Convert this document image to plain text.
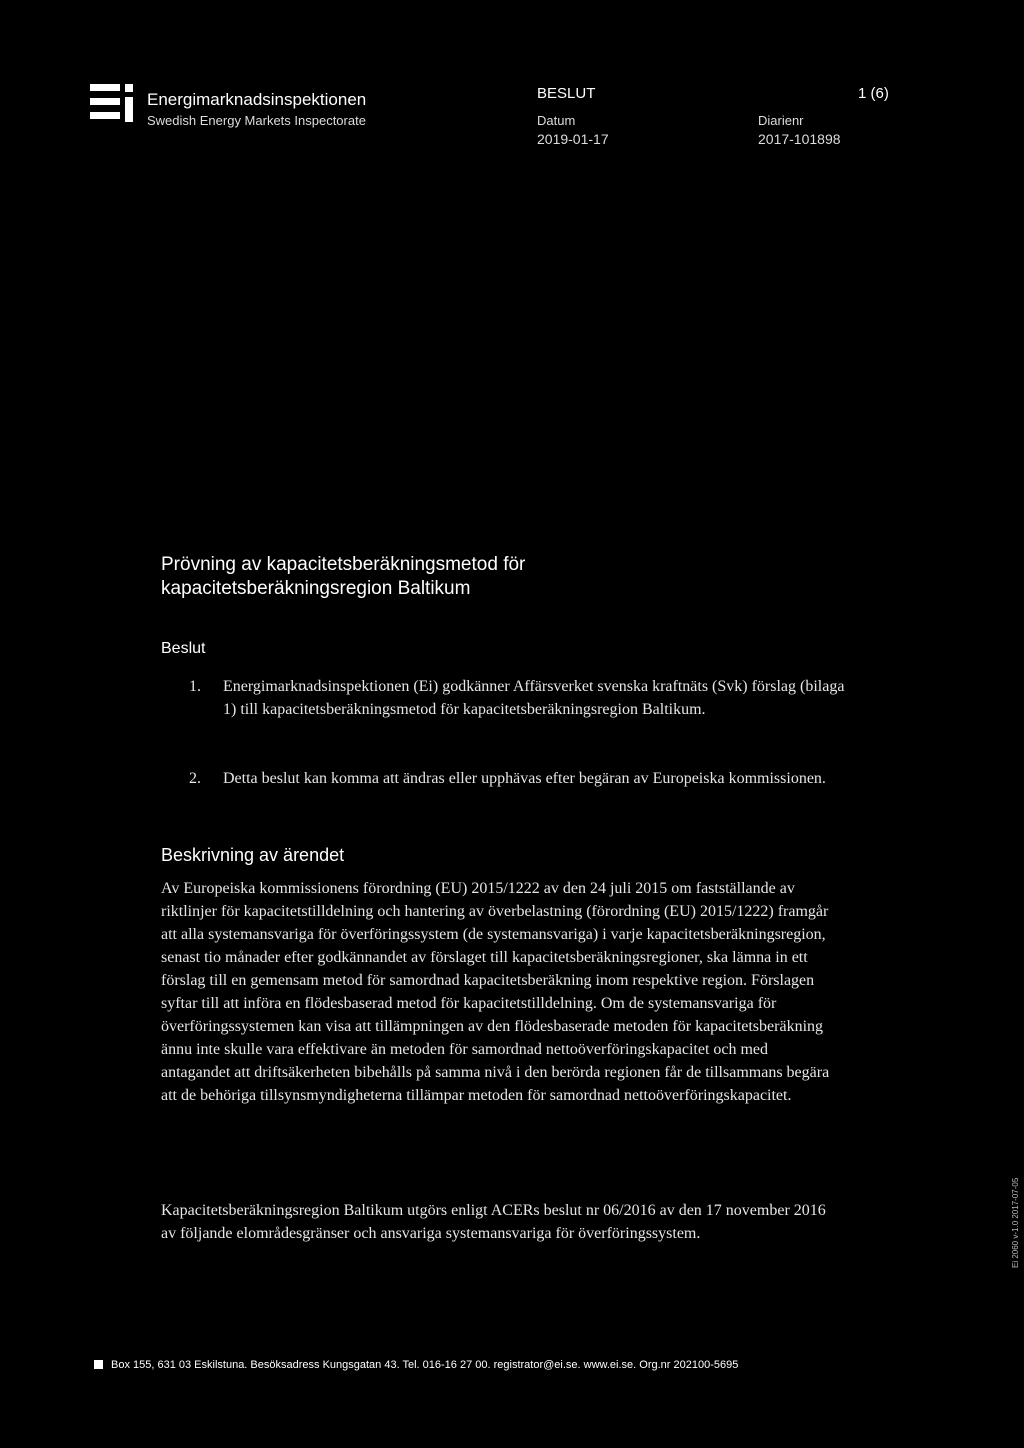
Energimarknadsinspektionen
Swedish Energy Markets Inspectorate
BESLUT	1 (6)
Datum
2019-01-17
Diarienr
2017-101898
Prövning av kapacitetsberäkningsmetod för kapacitetsberäkningsregion Baltikum
Beslut
1. Energimarknadsinspektionen (Ei) godkänner Affärsverket svenska kraftnäts (Svk) förslag (bilaga 1) till kapacitetsberäkningsmetod för kapacitetsberäkningsregion Baltikum.
2. Detta beslut kan komma att ändras eller upphävas efter begäran av Europeiska kommissionen.
Beskrivning av ärendet
Av Europeiska kommissionens förordning (EU) 2015/1222 av den 24 juli 2015 om fastställande av riktlinjer för kapacitetstilldelning och hantering av överbelastning (förordning (EU) 2015/1222) framgår att alla systemansvariga för överföringssystem (de systemansvariga) i varje kapacitetsberäkningsregion, senast tio månader efter godkännandet av förslaget till kapacitetsberäkningsregioner, ska lämna in ett förslag till en gemensam metod för samordnad kapacitetsberäkning inom respektive region. Förslagen syftar till att införa en flödesbaserad metod för kapacitetstilldelning. Om de systemansvariga för överföringssystemen kan visa att tillämpningen av den flödesbaserade metoden för kapacitetsberäkning ännu inte skulle vara effektivare än metoden för samordnad nettoöverföringskapacitet och med antagandet att driftsäkerheten bibehålls på samma nivå i den berörda regionen får de tillsammans begära att de behöriga tillsynsmyndigheterna tillämpar metoden för samordnad nettoöverföringskapacitet.
Kapacitetsberäkningsregion Baltikum utgörs enligt ACERs beslut nr 06/2016 av den 17 november 2016 av följande elområdesgränser och ansvariga systemansvariga för överföringssystem.	Ei 2060 v-1.0 2017-07-05
Box 155, 631 03 Eskilstuna. Besöksadress Kungsgatan 43. Tel. 016-16 27 00. registrator@ei.se. www.ei.se. Org.nr 202100-5695
